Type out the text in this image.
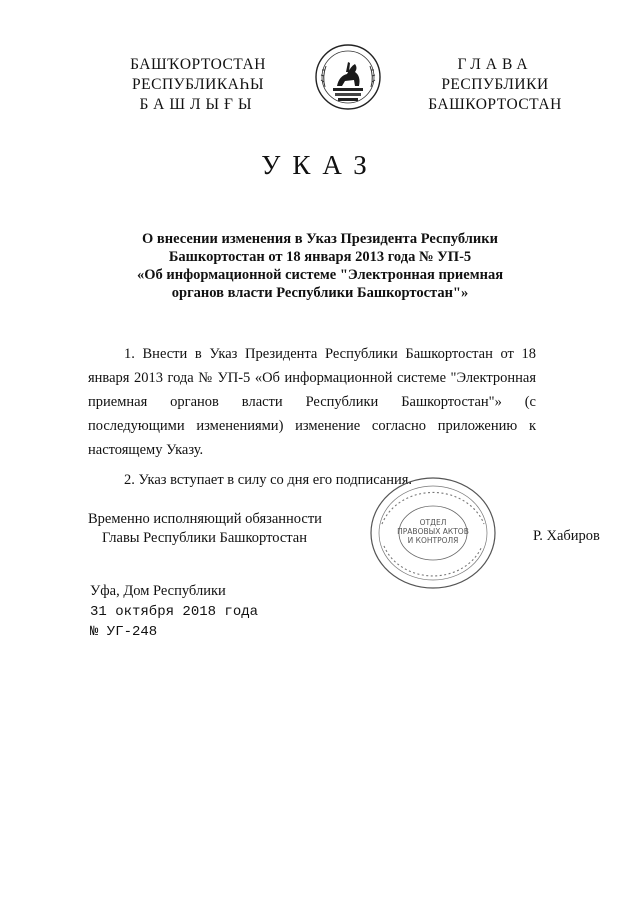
БАШҠОРТОСТАН
РЕСПУБЛИКАҺЫ
БАШЛЫҒЫ
ГЛАВА
РЕСПУБЛИКИ
БАШКОРТОСТАН
УКАЗ
О внесении изменения в Указ Президента Республики
Башкортостан от 18 января 2013 года № УП-5
«Об информационной системе "Электронная приемная
органов власти Республики Башкортостан"»

1. Внести в Указ Президента Республики Башкортостан от 18 января 2013 года № УП-5 «Об информационной системе "Электронная приемная органов власти Республики Башкортостан"» (с последующими изменениями) изменение согласно приложению к настоящему Указу.

2. Указ вступает в силу со дня его подписания.

Временно исполняющий обязанности
Главы Республики Башкортостан
ОТДЕЛ
ПРАВОВЫХ АКТОВ
И КОНТРОЛЯ	Р. Хабиров
Уфа, Дом Республики
31 октября 2018 года
№ УГ-248
